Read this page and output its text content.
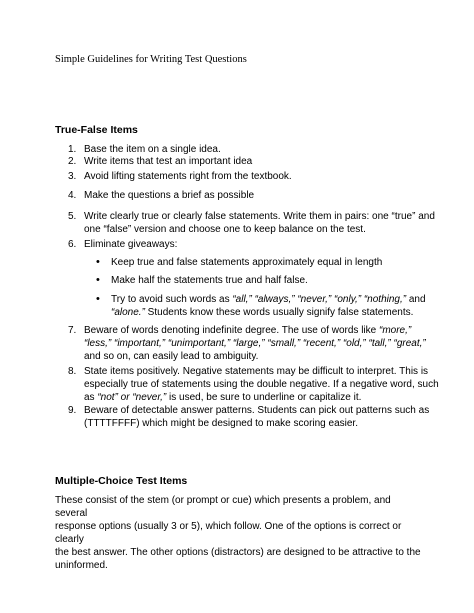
Simple Guidelines for Writing Test Questions
True-False Items
1. Base the item on a single idea.
2. Write items that test an important idea
3. Avoid lifting statements right from the textbook.
4. Make the questions a brief as possible
5. Write clearly true or clearly false statements. Write them in pairs: one “true” and
one “false” version and choose one to keep balance on the test.
6. Eliminate giveaways:
• Keep true and false statements approximately equal in length
• Make half the statements true and half false.
• Try to avoid such words as “all,” “always,” “never,” “only,” “nothing,” and
“alone.” Students know these words usually signify false statements.
7. Beware of words denoting indefinite degree. The use of words like “more,”
“less,” “important,” “unimportant,” “large,” “small,” “recent,” “old,” “tall,” “great,”
and so on, can easily lead to ambiguity.
8. State items positively. Negative statements may be difficult to interpret. This is
especially true of statements using the double negative. If a negative word, such
as “not” or “never,” is used, be sure to underline or capitalize it.
9. Beware of detectable answer patterns. Students can pick out patterns such as
(TTTTFFFF) which might be designed to make scoring easier.
Multiple-Choice Test Items
These consist of the stem (or prompt or cue) which presents a problem, and several
response options (usually 3 or 5), which follow. One of the options is correct or clearly
the best answer. The other options (distractors) are designed to be attractive to the
uninformed.
